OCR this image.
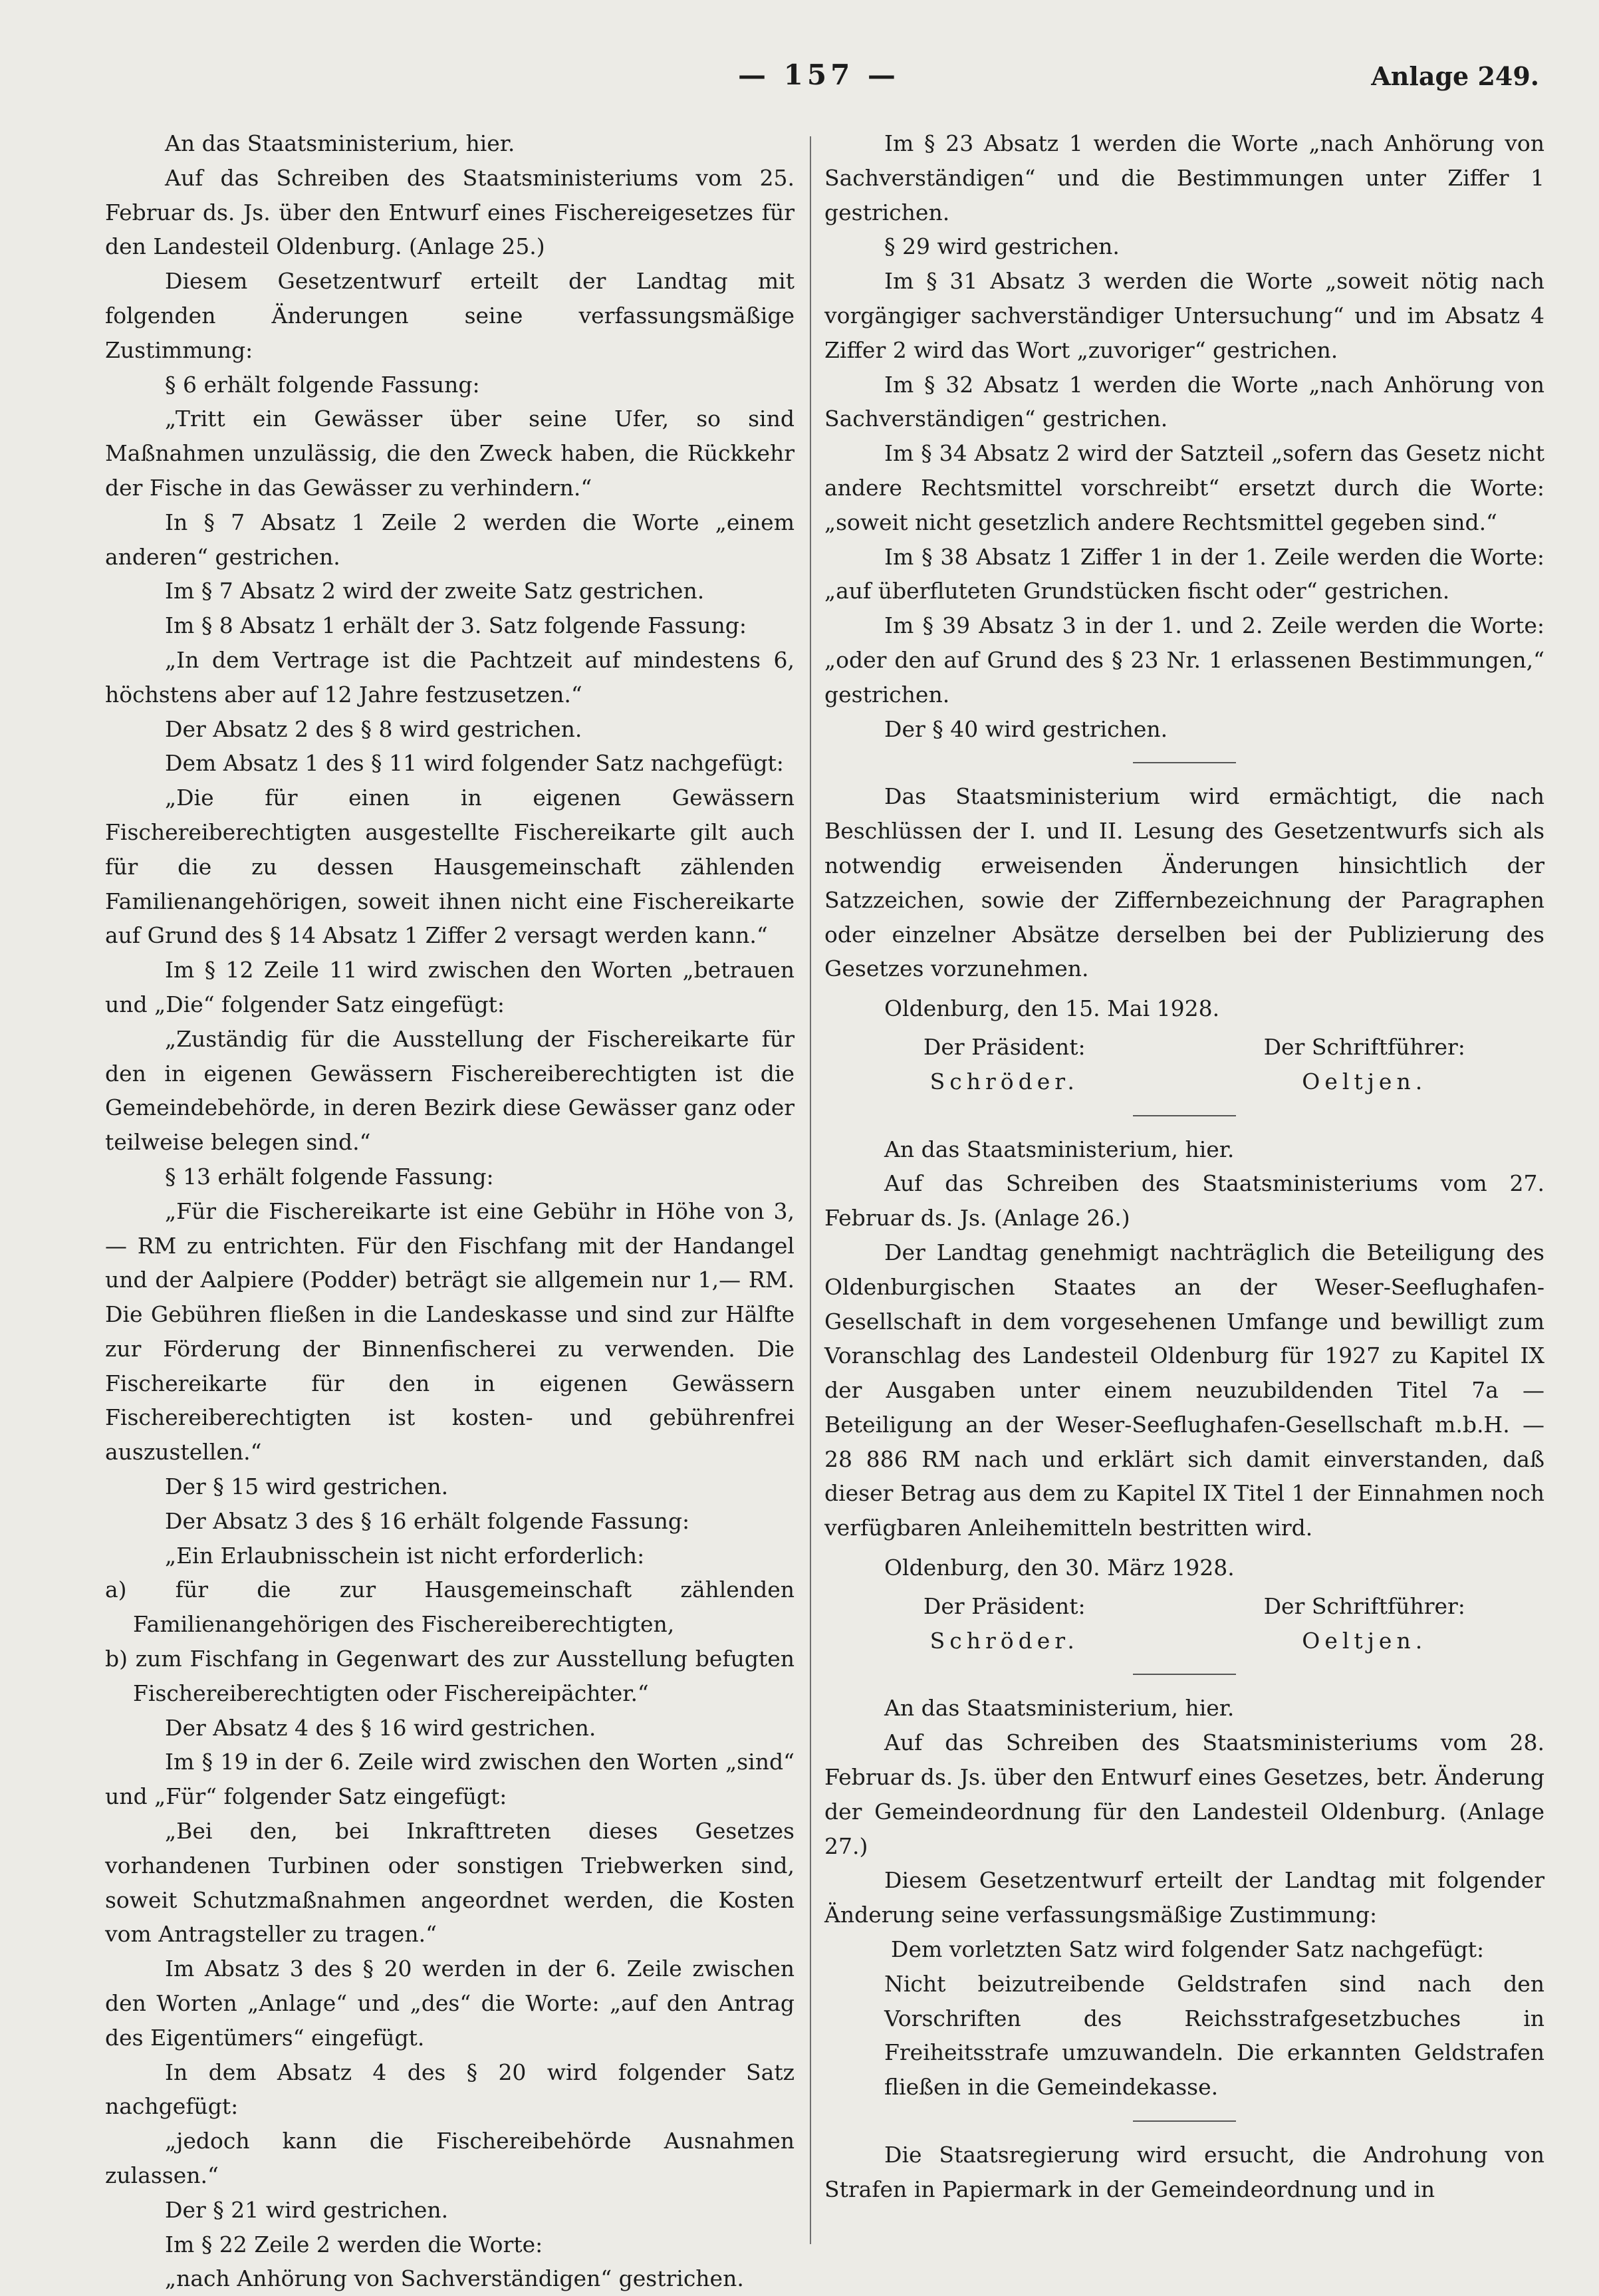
— 157 —	Anlage 249.

An das Staatsministerium, hier.

Auf das Schreiben des Staatsministeriums vom 25. Februar ds. Js. über den Entwurf eines Fischereigesetzes für den Landesteil Oldenburg. (Anlage 25.)

Diesem Gesetzentwurf erteilt der Landtag mit folgenden Änderungen seine verfassungsmäßige Zustimmung:

§ 6 erhält folgende Fassung:

„Tritt ein Gewässer über seine Ufer, so sind Maßnahmen unzulässig, die den Zweck haben, die Rückkehr der Fische in das Gewässer zu verhindern.“

In § 7 Absatz 1 Zeile 2 werden die Worte „einem anderen“ gestrichen.

Im § 7 Absatz 2 wird der zweite Satz gestrichen.

Im § 8 Absatz 1 erhält der 3. Satz folgende Fassung:

„In dem Vertrage ist die Pachtzeit auf mindestens 6, höchstens aber auf 12 Jahre festzusetzen.“

Der Absatz 2 des § 8 wird gestrichen.

Dem Absatz 1 des § 11 wird folgender Satz nachgefügt:

„Die für einen in eigenen Gewässern Fischereiberechtigten ausgestellte Fischereikarte gilt auch für die zu dessen Hausgemeinschaft zählenden Familienangehörigen, soweit ihnen nicht eine Fischereikarte auf Grund des § 14 Absatz 1 Ziffer 2 versagt werden kann.“

Im § 12 Zeile 11 wird zwischen den Worten „betrauen und „Die“ folgender Satz eingefügt:

„Zuständig für die Ausstellung der Fischereikarte für den in eigenen Gewässern Fischereiberechtigten ist die Gemeindebehörde, in deren Bezirk diese Gewässer ganz oder teilweise belegen sind.“

§ 13 erhält folgende Fassung:

„Für die Fischereikarte ist eine Gebühr in Höhe von 3,— RM zu entrichten. Für den Fischfang mit der Handangel und der Aalpiere (Podder) beträgt sie allgemein nur 1,— RM. Die Gebühren fließen in die Landeskasse und sind zur Hälfte zur Förderung der Binnenfischerei zu verwenden. Die Fischereikarte für den in eigenen Gewässern Fischereiberechtigten ist kosten- und gebührenfrei auszustellen.“

Der § 15 wird gestrichen.

Der Absatz 3 des § 16 erhält folgende Fassung:

„Ein Erlaubnisschein ist nicht erforderlich:

a) für die zur Hausgemeinschaft zählenden Familienangehörigen des Fischereiberechtigten,

b) zum Fischfang in Gegenwart des zur Ausstellung befugten Fischereiberechtigten oder Fischereipächter.“

Der Absatz 4 des § 16 wird gestrichen.

Im § 19 in der 6. Zeile wird zwischen den Worten „sind“ und „Für“ folgender Satz eingefügt:

„Bei den, bei Inkrafttreten dieses Gesetzes vorhandenen Turbinen oder sonstigen Triebwerken sind, soweit Schutzmaßnahmen angeordnet werden, die Kosten vom Antragsteller zu tragen.“

Im Absatz 3 des § 20 werden in der 6. Zeile zwischen den Worten „Anlage“ und „des“ die Worte: „auf den Antrag des Eigentümers“ eingefügt.

In dem Absatz 4 des § 20 wird folgender Satz nachgefügt:

„jedoch kann die Fischereibehörde Ausnahmen zulassen.“

Der § 21 wird gestrichen.

Im § 22 Zeile 2 werden die Worte:

„nach Anhörung von Sachverständigen“ gestrichen.

Im § 23 Absatz 1 werden die Worte „nach Anhörung von Sachverständigen“ und die Bestimmungen unter Ziffer 1 gestrichen.

§ 29 wird gestrichen.

Im § 31 Absatz 3 werden die Worte „soweit nötig nach vorgängiger sachverständiger Untersuchung“ und im Absatz 4 Ziffer 2 wird das Wort „zuvoriger“ gestrichen.

Im § 32 Absatz 1 werden die Worte „nach Anhörung von Sachverständigen“ gestrichen.

Im § 34 Absatz 2 wird der Satzteil „sofern das Gesetz nicht andere Rechtsmittel vorschreibt“ ersetzt durch die Worte: „soweit nicht gesetzlich andere Rechtsmittel gegeben sind.“

Im § 38 Absatz 1 Ziffer 1 in der 1. Zeile werden die Worte: „auf überfluteten Grundstücken fischt oder“ gestrichen.

Im § 39 Absatz 3 in der 1. und 2. Zeile werden die Worte: „oder den auf Grund des § 23 Nr. 1 erlassenen Bestimmungen,“ gestrichen.

Der § 40 wird gestrichen.

Das Staatsministerium wird ermächtigt, die nach Beschlüssen der I. und II. Lesung des Gesetzentwurfs sich als notwendig erweisenden Änderungen hinsichtlich der Satzzeichen, sowie der Ziffernbezeichnung der Paragraphen oder einzelner Absätze derselben bei der Publizierung des Gesetzes vorzunehmen.

Oldenburg, den 15. Mai 1928.

Der Präsident:
Schröder.
Der Schriftführer:
Oeltjen.

An das Staatsministerium, hier.

Auf das Schreiben des Staatsministeriums vom 27. Februar ds. Js. (Anlage 26.)

Der Landtag genehmigt nachträglich die Beteiligung des Oldenburgischen Staates an der Weser-Seeflughafen-Gesellschaft in dem vorgesehenen Umfange und bewilligt zum Voranschlag des Landesteil Oldenburg für 1927 zu Kapitel IX der Ausgaben unter einem neuzubildenden Titel 7a — Beteiligung an der Weser-Seeflughafen-Gesellschaft m.b.H. — 28 886 RM nach und erklärt sich damit einverstanden, daß dieser Betrag aus dem zu Kapitel IX Titel 1 der Einnahmen noch verfügbaren Anleihemitteln bestritten wird.

Oldenburg, den 30. März 1928.

Der Präsident:
Schröder.
Der Schriftführer:
Oeltjen.

An das Staatsministerium, hier.

Auf das Schreiben des Staatsministeriums vom 28. Februar ds. Js. über den Entwurf eines Gesetzes, betr. Änderung der Gemeindeordnung für den Landesteil Oldenburg. (Anlage 27.)

Diesem Gesetzentwurf erteilt der Landtag mit folgender Änderung seine verfassungsmäßige Zustimmung:

Dem vorletzten Satz wird folgender Satz nachgefügt:

Nicht beizutreibende Geldstrafen sind nach den Vorschriften des Reichsstrafgesetzbuches in Freiheitsstrafe umzuwandeln. Die erkannten Geldstrafen fließen in die Gemeindekasse.

Die Staatsregierung wird ersucht, die Androhung von Strafen in Papiermark in der Gemeindeordnung und in
